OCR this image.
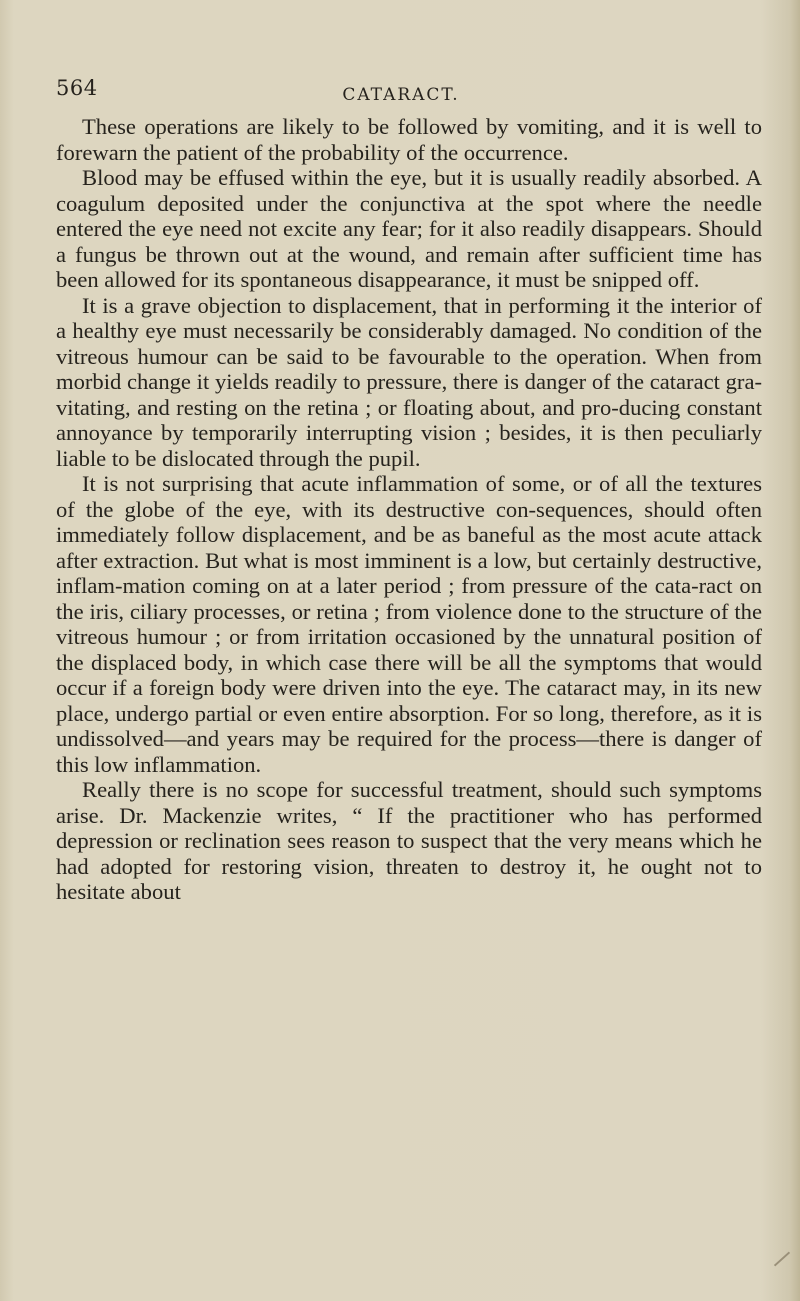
564	CATARACT.

These operations are likely to be followed by vomiting, and it is well to forewarn the patient of the probability of the occurrence.

Blood may be effused within the eye, but it is usually readily absorbed. A coagulum deposited under the conjunctiva at the spot where the needle entered the eye need not excite any fear; for it also readily disappears. Should a fungus be thrown out at the wound, and remain after sufficient time has been allowed for its spontaneous disappearance, it must be snipped off.

It is a grave objection to displacement, that in performing it the interior of a healthy eye must necessarily be considerably damaged. No condition of the vitreous humour can be said to be favourable to the operation. When from morbid change it yields readily to pressure, there is danger of the cataract gra-vitating, and resting on the retina ; or floating about, and pro-ducing constant annoyance by temporarily interrupting vision ; besides, it is then peculiarly liable to be dislocated through the pupil.

It is not surprising that acute inflammation of some, or of all the textures of the globe of the eye, with its destructive con-sequences, should often immediately follow displacement, and be as baneful as the most acute attack after extraction. But what is most imminent is a low, but certainly destructive, inflam-mation coming on at a later period ; from pressure of the cata-ract on the iris, ciliary processes, or retina ; from violence done to the structure of the vitreous humour ; or from irritation occasioned by the unnatural position of the displaced body, in which case there will be all the symptoms that would occur if a foreign body were driven into the eye. The cataract may, in its new place, undergo partial or even entire absorption. For so long, therefore, as it is undissolved—and years may be required for the process—there is danger of this low inflammation.

Really there is no scope for successful treatment, should such symptoms arise. Dr. Mackenzie writes, “ If the practitioner who has performed depression or reclination sees reason to suspect that the very means which he had adopted for restoring vision, threaten to destroy it, he ought not to hesitate about
